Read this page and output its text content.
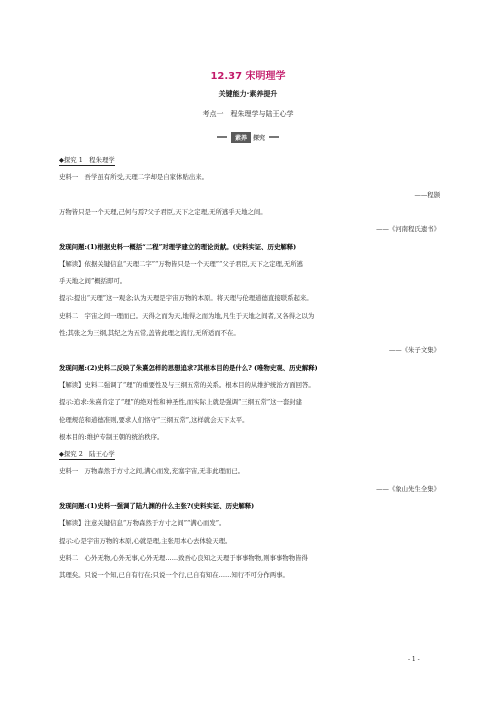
12.37 宋明理学
关键能力·素养提升
考点一　程朱理学与陆王心学
素养	探究
◆探究 1　程朱理学
史料一　吾学虽有所受,天理二字却是自家体贴出来。
——程颢
万物皆只是一个天理,己何与焉?父子君臣,天下之定理,无所逃乎天地之间。
——《河南程氏遗书》
发现问题:(1)根据史料一概括“二程”对理学建立的理论贡献。(史料实证、历史解释)
【解读】依据关键信息“天理二字”“万物皆只是一个天理”“父子君臣,天下之定理,无所逃
乎天地之间”概括即可。
提示:提出“天理”这一观念;认为天理是宇宙万物的本原。将天理与伦理道德直接联系起来。
史料二　宇宙之间一理而已。天得之而为天,地得之而为地,凡生于天地之间者,又各得之以为
性;其张之为三纲,其纪之为五常,盖皆此理之流行,无所适而不在。
——《朱子文集》
发现问题:(2)史料二反映了朱熹怎样的思想追求?其根本目的是什么? (唯物史观、历史解释)
【解读】史料二强调了“理”的重要性及与三纲五常的关系。根本目的从维护统治方面回答。
提示:追求:朱熹肯定了“理”的绝对性和神圣性,而实际上就是强调“三纲五常”这一套封建
伦理规范和道德准则,要求人们恪守“三纲五常”,这样就会天下太平。
根本目的:维护专制王朝的统治秩序。
◆探究 2　陆王心学
史料一　万物森然于方寸之间,满心而发,充塞宇宙,无非此理而已。
——《象山先生全集》
发现问题:(1)史料一强调了陆九渊的什么主张?(史料实证、历史解释)
【解读】注意关键信息“万物森然于方寸之间”“满心而发”。
提示:心是宇宙万物的本原,心就是理,主张用本心去体验天理。
史料二　心外无物,心外无事,心外无理……致吾心良知之天理于事事物物,则事事物物皆得
其理矣。只说一个知,已自有行在;只说一个行,已自有知在……知行不可分作两事。
- 1 -
